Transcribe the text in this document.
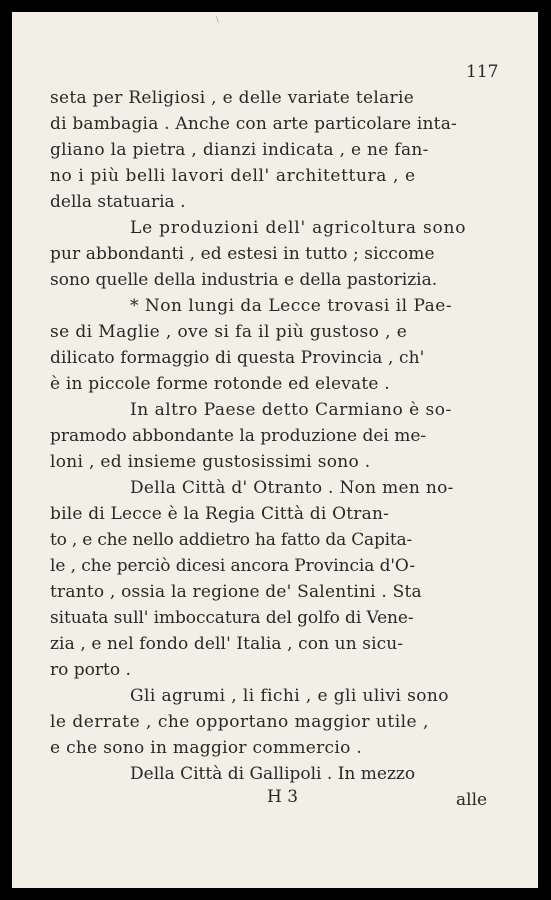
\
117
seta per Religiosi , e delle variate telarie
di bambagia . Anche con arte particolare inta-
gliano la pietra , dianzi indicata , e ne fan-
no i più belli lavori dell' architettura , e
della statuaria .
Le produzioni dell' agricoltura sono
pur abbondanti , ed estesi in tutto ; siccome
sono quelle della industria e della pastorizia.
* Non lungi da Lecce trovasi il Pae-
se di Maglie , ove si fa il più gustoso , e
dilicato formaggio di questa Provincia , ch'
è in piccole forme rotonde ed elevate .
In altro Paese detto Carmiano è so-
pramodo abbondante la produzione dei me-
loni , ed insieme gustosissimi sono .
Della Città d' Otranto . Non men no-
bile di Lecce è la Regia Città di Otran-
to , e che nello addietro ha fatto da Capita-
le , che perciò dicesi ancora Provincia d'O-
tranto , ossia la regione de' Salentini . Sta
situata sull' imboccatura del golfo di Vene-
zia , e nel fondo dell' Italia , con un sicu-
ro porto .
Gli agrumi , li fichi , e gli ulivi sono
le derrate , che opportano maggior utile ,
e che sono in maggior commercio .
Della Città di Gallipoli . In mezzo
H 3	alle
